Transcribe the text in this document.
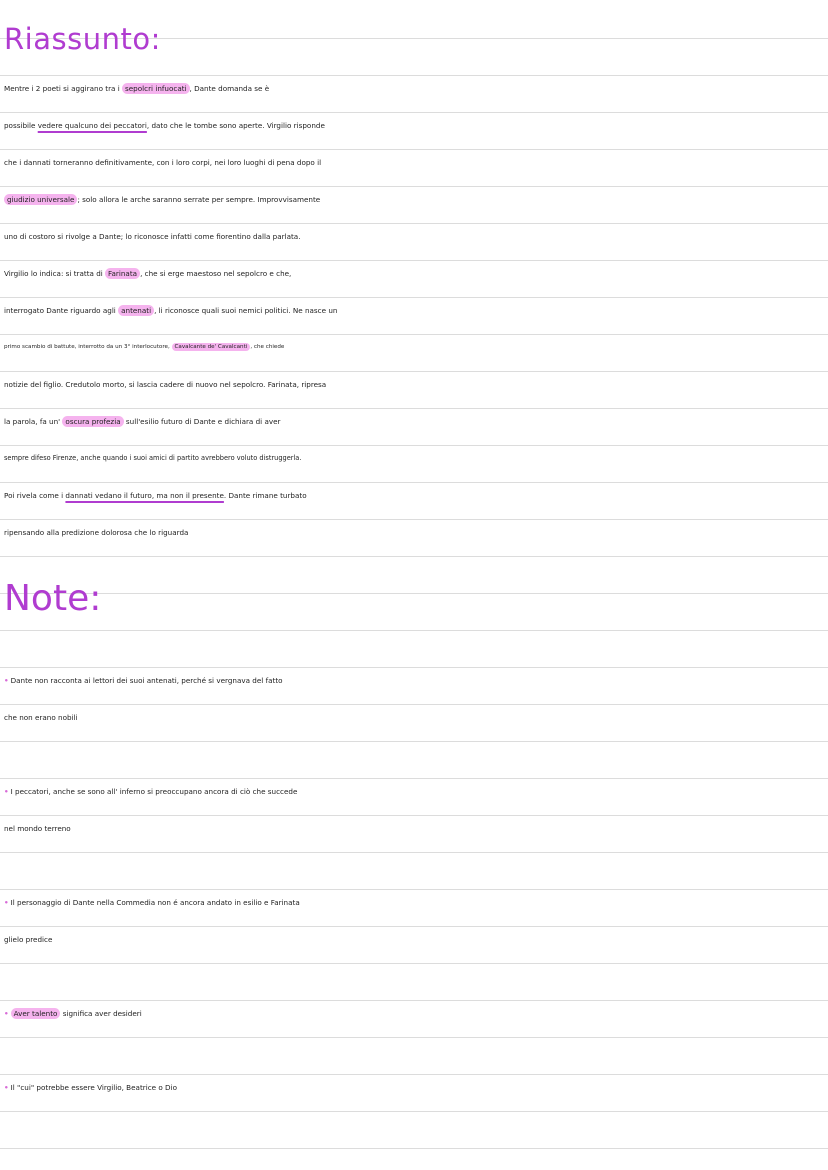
Riassunto:
Mentre i 2 poeti si aggirano tra i sepolcri infuocati , Dante domanda se è
possibile vedere qualcuno dei peccatori, dato che le tombe sono aperte. Virgilio risponde
che i dannati torneranno definitivamente, con i loro corpi, nei loro luoghi di pena dopo il
giudizio universale ; solo allora le arche saranno serrate per sempre. Improvvisamente
uno di costoro si rivolge a Dante; lo riconosce infatti come fiorentino dalla parlata.
Virgilio lo indica: si tratta di Farinata , che si erge maestoso nel sepolcro e che,
interrogato Dante riguardo agli antenati , li riconosce quali suoi nemici politici. Ne nasce un
primo scambio di battute, interrotto da un 3° interlocutore, Cavalcante de' Cavalcanti , che chiede
notizie del figlio. Credutolo morto, si lascia cadere di nuovo nel sepolcro. Farinata, ripresa
la parola, fa un' oscura profezia sull'esilio futuro di Dante e dichiara di aver
sempre difeso Firenze, anche quando i suoi amici di partito avrebbero voluto distruggerla.
Poi rivela come i dannati vedano il futuro, ma non il presente. Dante rimane turbato
ripensando alla predizione dolorosa che lo riguarda
Note:
• Dante non racconta ai lettori dei suoi antenati, perché si vergnava del fatto
che non erano nobili
• I peccatori, anche se sono all' inferno si preoccupano ancora di ciò che succede
nel mondo terreno
• Il personaggio di Dante nella Commedia non é ancora andato in esilio e Farinata
glielo predice
• Aver talento significa aver desideri
• Il "cui" potrebbe essere Virgilio, Beatrice o Dio
